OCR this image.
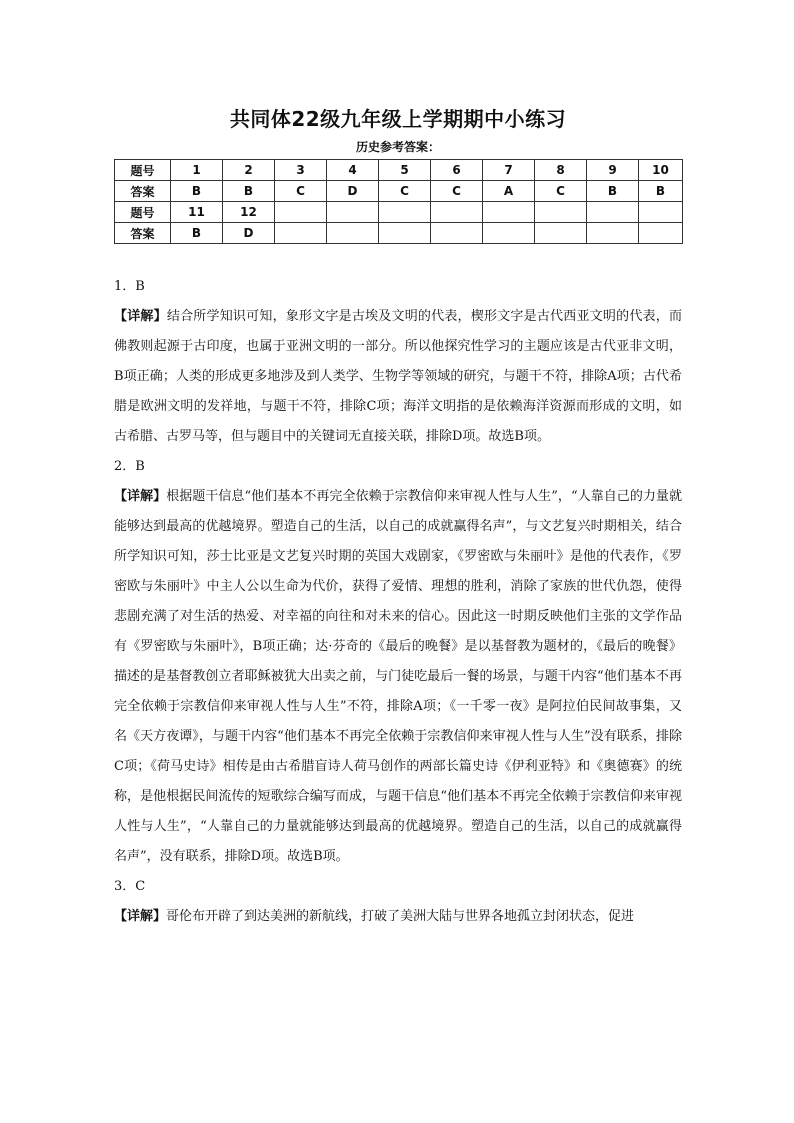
共同体22级九年级上学期期中小练习
历史参考答案：
题号	1	2	3	4	5	6	7	8	9	10
答案	B	B	C	D	C	C	A	C	B	B
题号	11	12								
答案	B	D								

1．B

【详解】结合所学知识可知，象形文字是古埃及文明的代表，楔形文字是古代西亚文明的代表，而佛教则起源于古印度，也属于亚洲文明的一部分。所以他探究性学习的主题应该是古代亚非文明，B项正确；人类的形成更多地涉及到人类学、生物学等领域的研究，与题干不符，排除A项；古代希腊是欧洲文明的发祥地，与题干不符，排除C项；海洋文明指的是依赖海洋资源而形成的文明，如古希腊、古罗马等，但与题目中的关键词无直接关联，排除D项。故选B项。

2．B

【详解】根据题干信息“他们基本不再完全依赖于宗教信仰来审视人性与人生”，“人靠自己的力量就能够达到最高的优越境界。塑造自己的生活，以自己的成就赢得名声”，与文艺复兴时期相关，结合所学知识可知，莎士比亚是文艺复兴时期的英国大戏剧家，《罗密欧与朱丽叶》是他的代表作，《罗密欧与朱丽叶》中主人公以生命为代价，获得了爱情、理想的胜利，消除了家族的世代仇怨，使得悲剧充满了对生活的热爱、对幸福的向往和对未来的信心。因此这一时期反映他们主张的文学作品有《罗密欧与朱丽叶》，B项正确；达·芬奇的《最后的晚餐》是以基督教为题材的，《最后的晚餐》描述的是基督教创立者耶稣被犹大出卖之前，与门徒吃最后一餐的场景，与题干内容“他们基本不再完全依赖于宗教信仰来审视人性与人生”不符，排除A项；《一千零一夜》是阿拉伯民间故事集，又名《天方夜谭》，与题干内容“他们基本不再完全依赖于宗教信仰来审视人性与人生”没有联系，排除C项；《荷马史诗》相传是由古希腊盲诗人荷马创作的两部长篇史诗《伊利亚特》和《奥德赛》的统称，是他根据民间流传的短歌综合编写而成，与题干信息“他们基本不再完全依赖于宗教信仰来审视人性与人生”，“人靠自己的力量就能够达到最高的优越境界。塑造自己的生活，以自己的成就赢得名声”，没有联系，排除D项。故选B项。

3．C

【详解】哥伦布开辟了到达美洲的新航线，打破了美洲大陆与世界各地孤立封闭状态，促进
